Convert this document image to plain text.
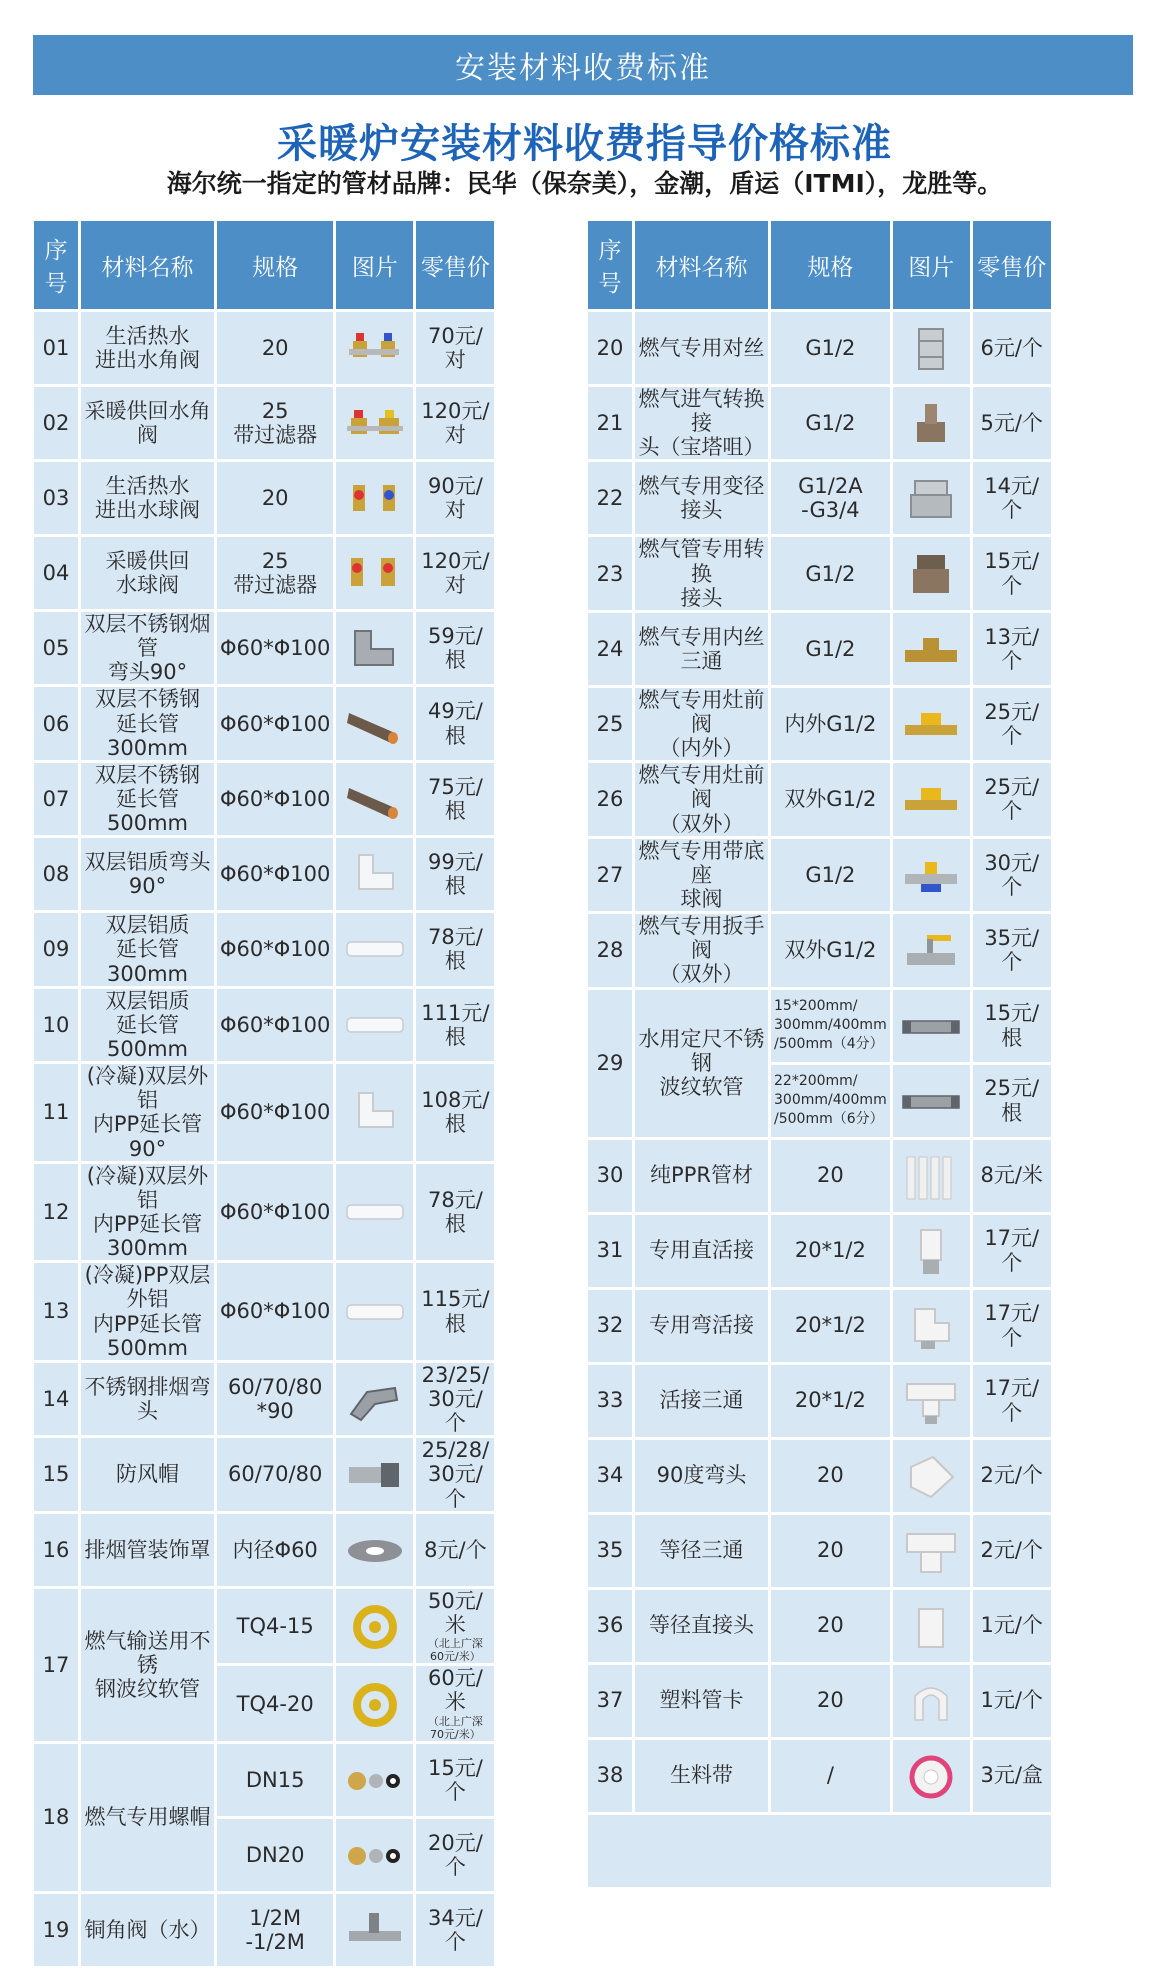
安装材料收费标准
采暖炉安装材料收费指导价格标准
海尔统一指定的管材品牌：民华（保奈美），金潮，盾运（ITMI），龙胜等。
序号	材料名称	规格	图片	零售价
01	生活热水
进出水角阀	20		70元/对
02	采暖供回水角阀	25
带过滤器		120元/对
03	生活热水
进出水球阀	20		90元/对
04	采暖供回
水球阀	25
带过滤器		120元/对
05	双层不锈钢烟管
弯头90°	Φ60*Φ100		59元/根
06	双层不锈钢
延长管300mm	Φ60*Φ100		49元/根
07	双层不锈钢
延长管500mm	Φ60*Φ100		75元/根
08	双层铝质弯头90°	Φ60*Φ100		99元/根
09	双层铝质
延长管300mm	Φ60*Φ100		78元/根
10	双层铝质
延长管500mm	Φ60*Φ100		111元/根
11	(冷凝)双层外铝
内PP延长管90°	Φ60*Φ100		108元/根
12	(冷凝)双层外铝
内PP延长管300mm	Φ60*Φ100		78元/根
13	(冷凝)PP双层外铝
内PP延长管500mm	Φ60*Φ100		115元/根
14	不锈钢排烟弯头	60/70/80
*90		23/25/
30元/个
15	防风帽	60/70/80		25/28/
30元/个
16	排烟管装饰罩	内径Φ60		8元/个
17	燃气输送用不锈
钢波纹软管	TQ4-15		50元/米
（北上广深
60元/米）

		TQ4-20		60元/米
（北上广深
70元/米）

18	燃气专用螺帽	DN15		15元/个
		DN20		20元/个
19	铜角阀（水）	1/2M
-1/2M		34元/个
序号	材料名称	规格	图片	零售价
20	燃气专用对丝	G1/2		6元/个
21	燃气进气转换接
头（宝塔咀）	G1/2		5元/个
22	燃气专用变径
接头	G1/2A
-G3/4		14元/个
23	燃气管专用转换
接头	G1/2		15元/个
24	燃气专用内丝
三通	G1/2		13元/个
25	燃气专用灶前阀
（内外）	内外G1/2		25元/个
26	燃气专用灶前阀
（双外）	双外G1/2		25元/个
27	燃气专用带底座
球阀	G1/2		30元/个
28	燃气专用扳手阀
（双外）	双外G1/2		35元/个
29	水用定尺不锈钢
波纹软管	15*200mm/
300mm/400mm
/500mm（4分）		15元/根
		22*200mm/
300mm/400mm
/500mm（6分）		25元/根
30	纯PPR管材	20		8元/米
31	专用直活接	20*1/2		17元/个
32	专用弯活接	20*1/2		17元/个
33	活接三通	20*1/2		17元/个
34	90度弯头	20		2元/个
35	等径三通	20		2元/个
36	等径直接头	20		1元/个
37	塑料管卡	20		1元/个
38	生料带	/		3元/盒
